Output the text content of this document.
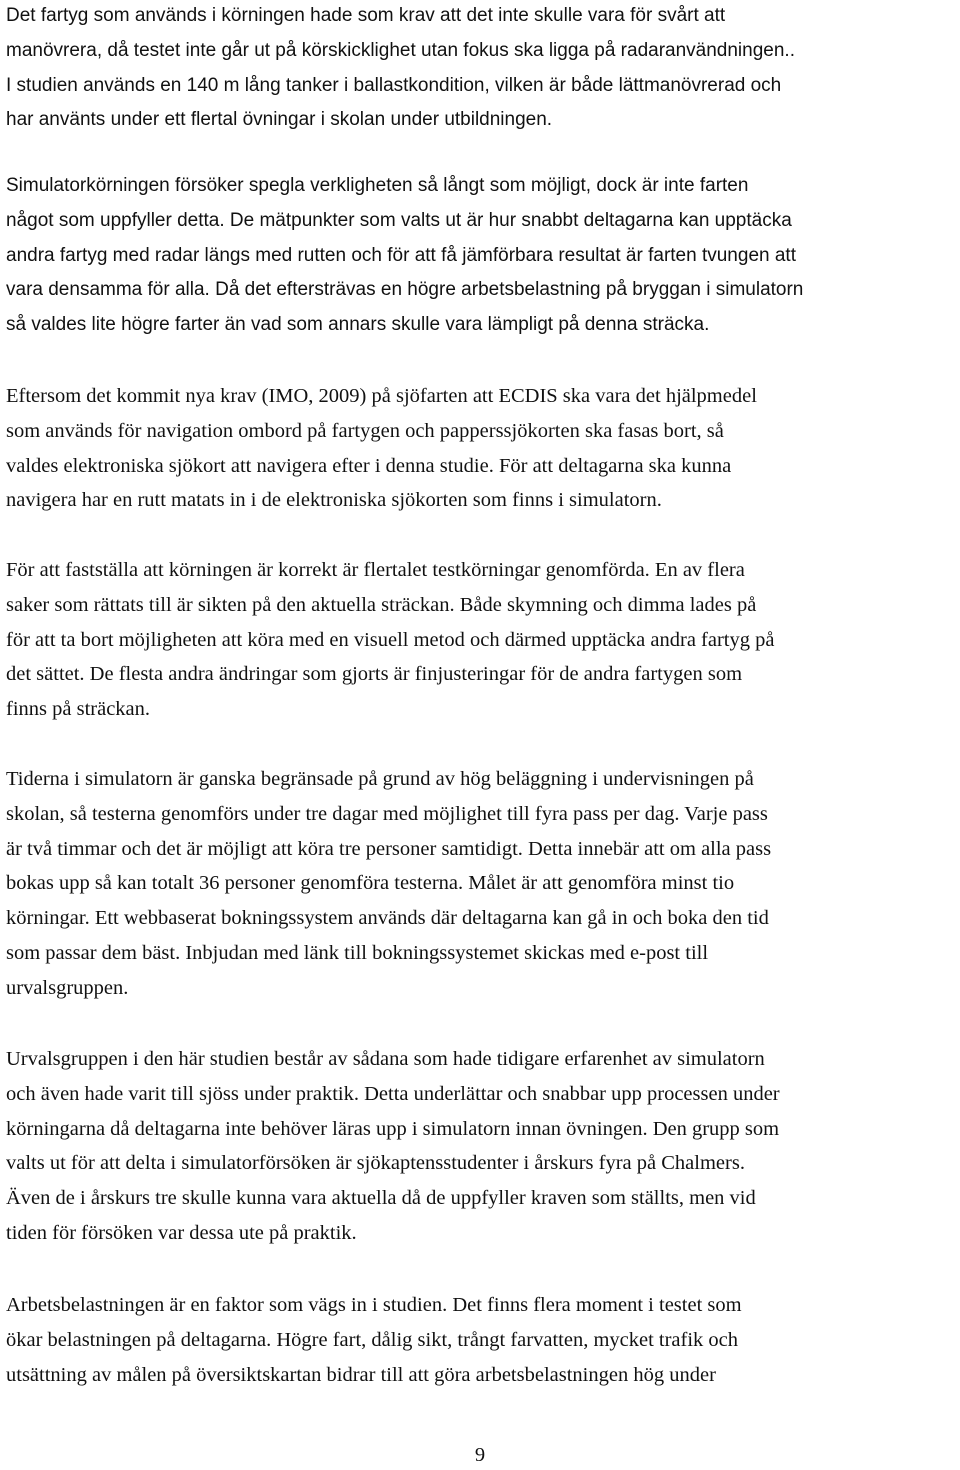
Det fartyg som används i körningen hade som krav att det inte skulle vara för svårt att
manövrera, då testet inte går ut på körskicklighet utan fokus ska ligga på radaranvändningen..
I studien används en 140 m lång tanker i ballastkondition, vilken är både lättmanövrerad och
har använts under ett flertal övningar i skolan under utbildningen.

Simulatorkörningen försöker spegla verkligheten så långt som möjligt, dock är inte farten
något som uppfyller detta. De mätpunkter som valts ut är hur snabbt deltagarna kan upptäcka
andra fartyg med radar längs med rutten och för att få jämförbara resultat är farten tvungen att
vara densamma för alla. Då det eftersträvas en högre arbetsbelastning på bryggan i simulatorn
så valdes lite högre farter än vad som annars skulle vara lämpligt på denna sträcka.

Eftersom det kommit nya krav (IMO, 2009) på sjöfarten att ECDIS ska vara det hjälpmedel
som används för navigation ombord på fartygen och papperssjökorten ska fasas bort, så
valdes elektroniska sjökort att navigera efter i denna studie. För att deltagarna ska kunna
navigera har en rutt matats in i de elektroniska sjökorten som finns i simulatorn.

För att fastställa att körningen är korrekt är flertalet testkörningar genomförda. En av flera
saker som rättats till är sikten på den aktuella sträckan. Både skymning och dimma lades på
för att ta bort möjligheten att köra med en visuell metod och därmed upptäcka andra fartyg på
det sättet. De flesta andra ändringar som gjorts är finjusteringar för de andra fartygen som
finns på sträckan.

Tiderna i simulatorn är ganska begränsade på grund av hög beläggning i undervisningen på
skolan, så testerna genomförs under tre dagar med möjlighet till fyra pass per dag. Varje pass
är två timmar och det är möjligt att köra tre personer samtidigt. Detta innebär att om alla pass
bokas upp så kan totalt 36 personer genomföra testerna. Målet är att genomföra minst tio
körningar. Ett webbaserat bokningssystem används där deltagarna kan gå in och boka den tid
som passar dem bäst. Inbjudan med länk till bokningssystemet skickas med e-post till
urvalsgruppen.

Urvalsgruppen i den här studien består av sådana som hade tidigare erfarenhet av simulatorn
och även hade varit till sjöss under praktik. Detta underlättar och snabbar upp processen under
körningarna då deltagarna inte behöver läras upp i simulatorn innan övningen. Den grupp som
valts ut för att delta i simulatorförsöken är sjökaptensstudenter i årskurs fyra på Chalmers.
Även de i årskurs tre skulle kunna vara aktuella då de uppfyller kraven som ställts, men vid
tiden för försöken var dessa ute på praktik.

Arbetsbelastningen är en faktor som vägs in i studien. Det finns flera moment i testet som
ökar belastningen på deltagarna. Högre fart, dålig sikt, trångt farvatten, mycket trafik och
utsättning av målen på översiktskartan bidrar till att göra arbetsbelastningen hög under

9
